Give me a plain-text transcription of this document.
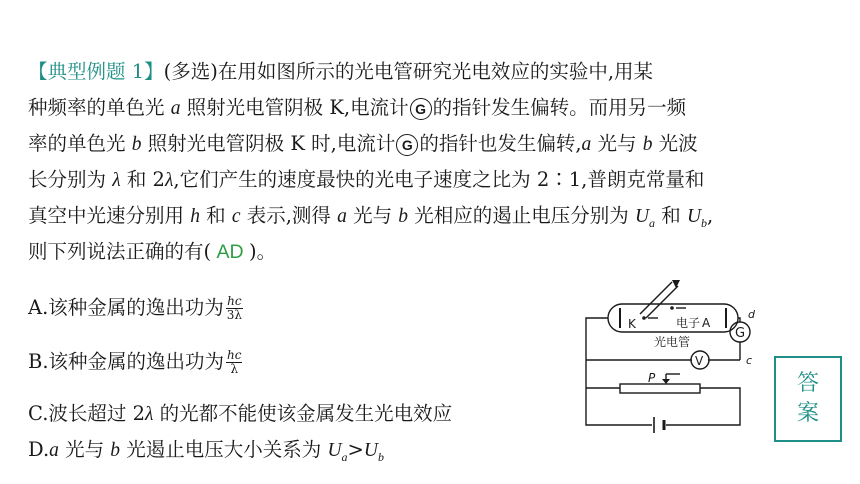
【典型例题 1】(多选)在用如图所示的光电管研究光电效应的实验中,用某
种频率的单色光 a 照射光电管阴极 K,电流计 G 的指针发生偏转。而用另一频
率的单色光 b 照射光电管阴极 K 时,电流计 G 的指针也发生偏转,a 光与 b 光波
长分别为 λ 和 2λ,它们产生的速度最快的光电子速度之比为 2∶1,普朗克常量和
真空中光速分别用 h 和 c 表示,测得 a 光与 b 光相应的遏止电压分别为 $U_a$ 和 $U_b$,
则下列说法正确的有( AD )。
A.该种金属的逸出功为 $\frac{hc}{3\lambda}$
B.该种金属的逸出功为 $\frac{hc}{\lambda}$
C.波长超过 2λ 的光都不能使该金属发生光电效应
D.a 光与 b 光遏止电压大小关系为 $U_a>U_b$
K	电子 A
光电管
G
d
V	c
P	答
案
